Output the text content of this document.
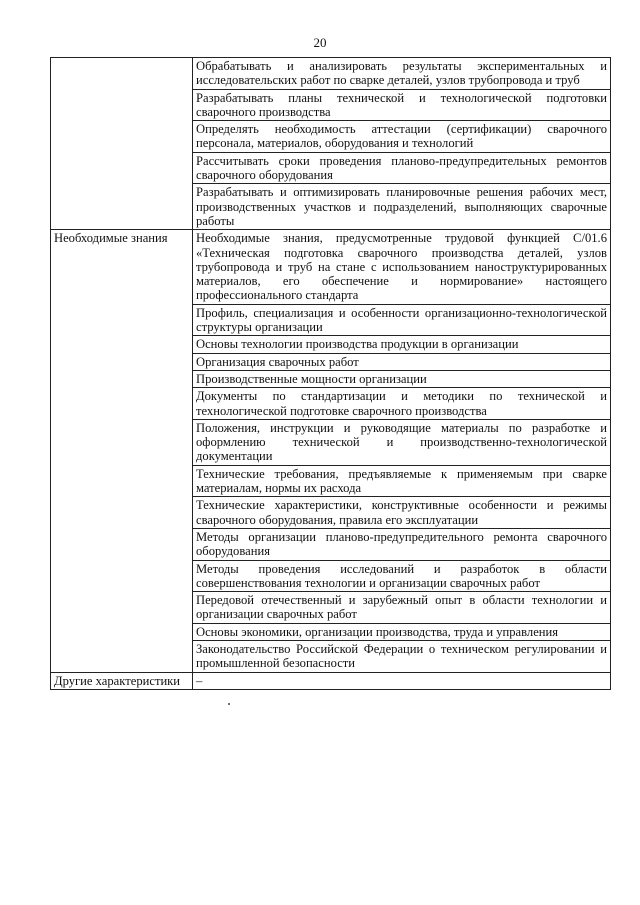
20
	Обрабатывать и анализировать результаты экспериментальных и исследовательских работ по сварке деталей, узлов трубопровода и труб
	Разрабатывать планы технической и технологической подготовки сварочного производства
	Определять необходимость аттестации (сертификации) сварочного персонала, материалов, оборудования и технологий
	Рассчитывать сроки проведения планово-предупредительных ремонтов сварочного оборудования
	Разрабатывать и оптимизировать планировочные решения рабочих мест, производственных участков и подразделений, выполняющих сварочные работы
Необходимые знания	Необходимые знания, предусмотренные трудовой функцией C/01.6 «Техническая подготовка сварочного производства деталей, узлов трубопровода и труб на стане с использованием наноструктурированных материалов, его обеспечение и нормирование» настоящего профессионального стандарта
	Профиль, специализация и особенности организационно-технологической структуры организации
	Основы технологии производства продукции в организации
	Организация сварочных работ
	Производственные мощности организации
	Документы по стандартизации и методики по технической и технологической подготовке сварочного производства
	Положения, инструкции и руководящие материалы по разработке и оформлению технической и производственно-технологической документации
	Технические требования, предъявляемые к применяемым при сварке материалам, нормы их расхода
	Технические характеристики, конструктивные особенности и режимы сварочного оборудования, правила его эксплуатации
	Методы организации планово-предупредительного ремонта сварочного оборудования
	Методы проведения исследований и разработок в области совершенствования технологии и организации сварочных работ
	Передовой отечественный и зарубежный опыт в области технологии и организации сварочных работ
	Основы экономики, организации производства, труда и управления
	Законодательство Российской Федерации о техническом регулировании и промышленной безопасности
Другие характеристики	–
